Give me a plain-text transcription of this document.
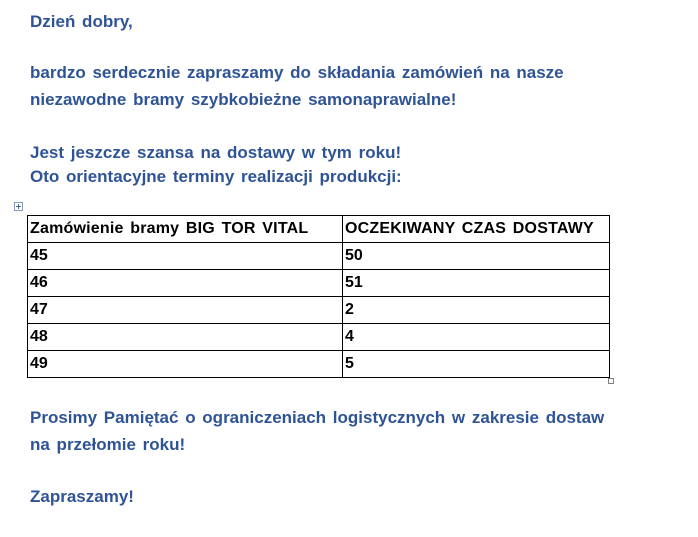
Dzień dobry,

bardzo serdecznie zapraszamy do składania zamówień na nasze

niezawodne bramy szybkobieżne samonaprawialne!

Jest jeszcze szansa na dostawy w tym roku!

Oto orientacyjne terminy realizacji produkcji:

Zamówienie bramy BIG TOR VITAL	OCZEKIWANY CZAS DOSTAWY
45	50
46	51
47	2
48	4
49	5

Prosimy Pamiętać o ograniczeniach logistycznych w zakresie dostaw

na przełomie roku!

Zapraszamy!
